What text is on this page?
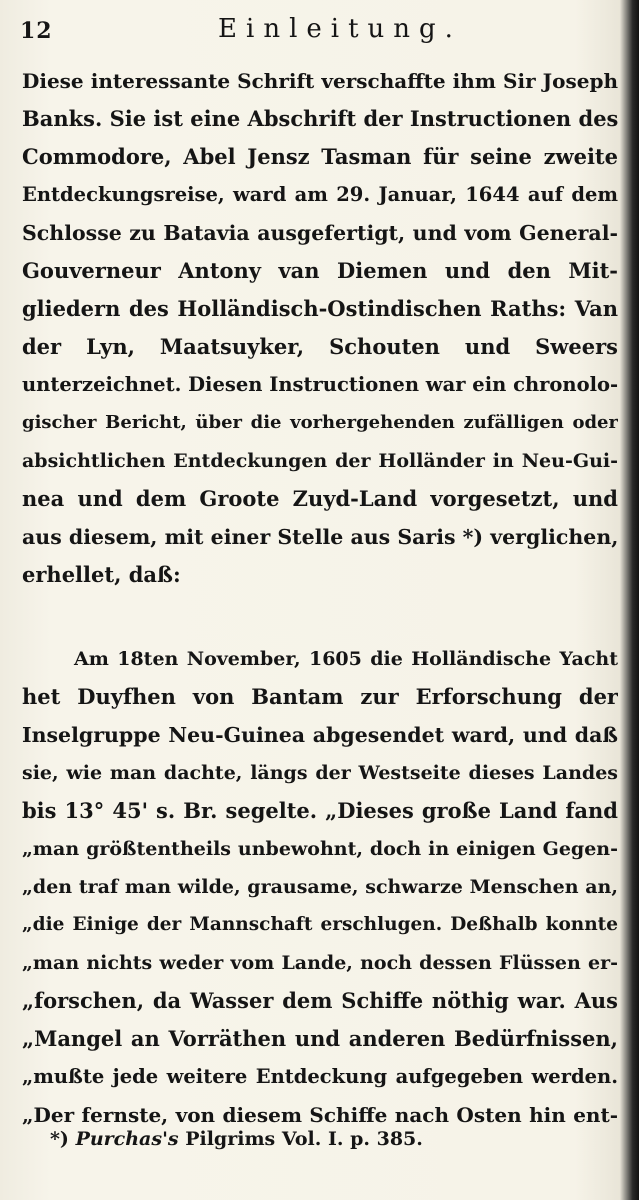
12	Einleitung.
Diese interessante Schrift verschaffte ihm Sir Joseph
Banks. Sie ist eine Abschrift der Instructionen des
Commodore, Abel Jensz Tasman für seine zweite
Entdeckungsreise, ward am 29. Januar, 1644 auf dem
Schlosse zu Batavia ausgefertigt, und vom General-
Gouverneur Antony van Diemen und den Mit-
gliedern des Holländisch-Ostindischen Raths: Van
der Lyn, Maatsuyker, Schouten und Sweers
unterzeichnet. Diesen Instructionen war ein chronolo-
gischer Bericht, über die vorhergehenden zufälligen oder
absichtlichen Entdeckungen der Holländer in Neu-Gui-
nea und dem Groote Zuyd-Land vorgesetzt, und
aus diesem, mit einer Stelle aus Saris *) verglichen,
erhellet, daß:
Am 18ten November, 1605 die Holländische Yacht
het Duyfhen von Bantam zur Erforschung der
Inselgruppe Neu-Guinea abgesendet ward, und daß
sie, wie man dachte, längs der Westseite dieses Landes
bis 13° 45' s. Br. segelte. „Dieses große Land fand
„man größtentheils unbewohnt, doch in einigen Gegen-
„den traf man wilde, grausame, schwarze Menschen an,
„die Einige der Mannschaft erschlugen. Deßhalb konnte
„man nichts weder vom Lande, noch dessen Flüssen er-
„forschen, da Wasser dem Schiffe nöthig war. Aus
„Mangel an Vorräthen und anderen Bedürfnissen,
„mußte jede weitere Entdeckung aufgegeben werden.
„Der fernste, von diesem Schiffe nach Osten hin ent-
*) Purchas's Pilgrims Vol. I. p. 385.
